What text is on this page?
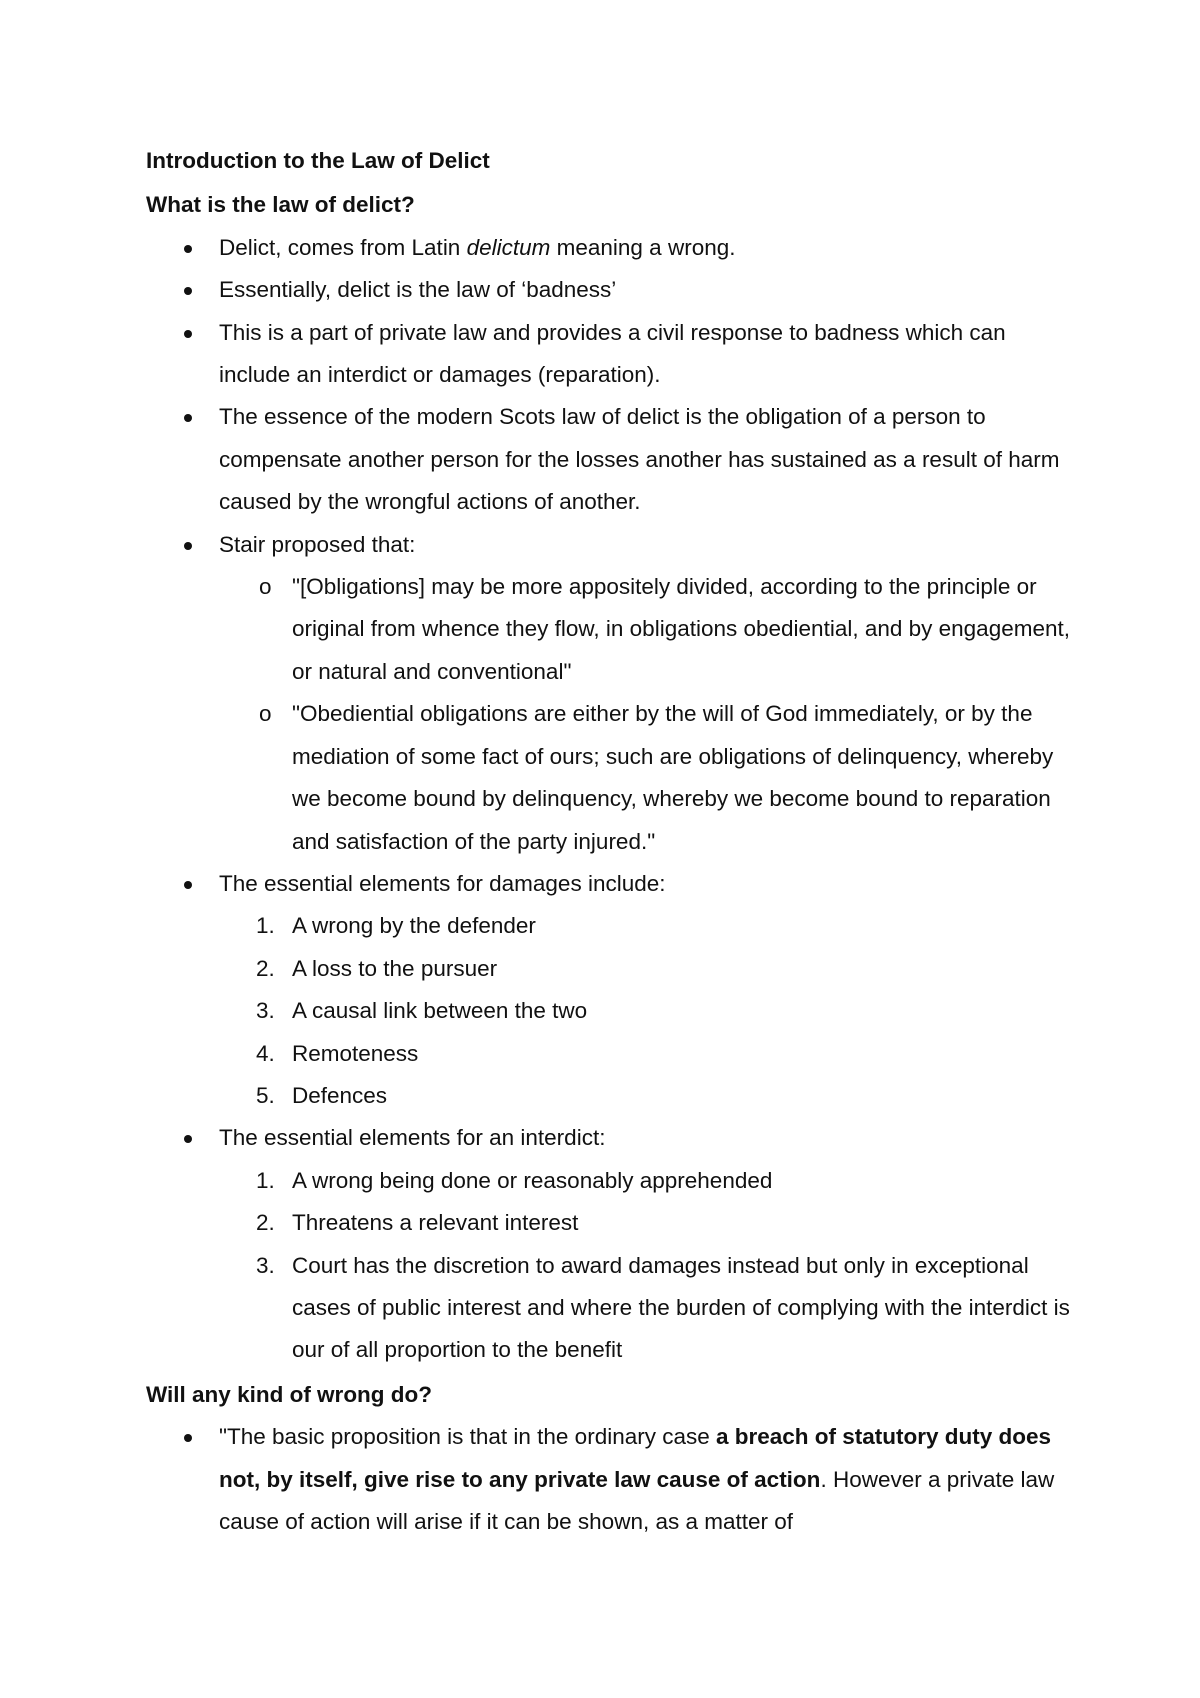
Introduction to the Law of Delict
What is the law of delict?
Delict, comes from Latin delictum meaning a wrong.
Essentially, delict is the law of ‘badness’
This is a part of private law and provides a civil response to badness which can include an interdict or damages (reparation).
The essence of the modern Scots law of delict is the obligation of a person to compensate another person for the losses another has sustained as a result of harm caused by the wrongful actions of another.
Stair proposed that:
o "[Obligations] may be more appositely divided, according to the principle or original from whence they flow, in obligations obediential, and by engagement, or natural and conventional"
o "Obediential obligations are either by the will of God immediately, or by the mediation of some fact of ours; such are obligations of delinquency, whereby we become bound by delinquency, whereby we become bound to reparation and satisfaction of the party injured."
The essential elements for damages include:
1. A wrong by the defender
2. A loss to the pursuer
3. A causal link between the two
4. Remoteness
5. Defences
The essential elements for an interdict:
1. A wrong being done or reasonably apprehended
2. Threatens a relevant interest
3. Court has the discretion to award damages instead but only in exceptional cases of public interest and where the burden of complying with the interdict is our of all proportion to the benefit
Will any kind of wrong do?
"The basic proposition is that in the ordinary case a breach of statutory duty does not, by itself, give rise to any private law cause of action. However a private law cause of action will arise if it can be shown, as a matter of
